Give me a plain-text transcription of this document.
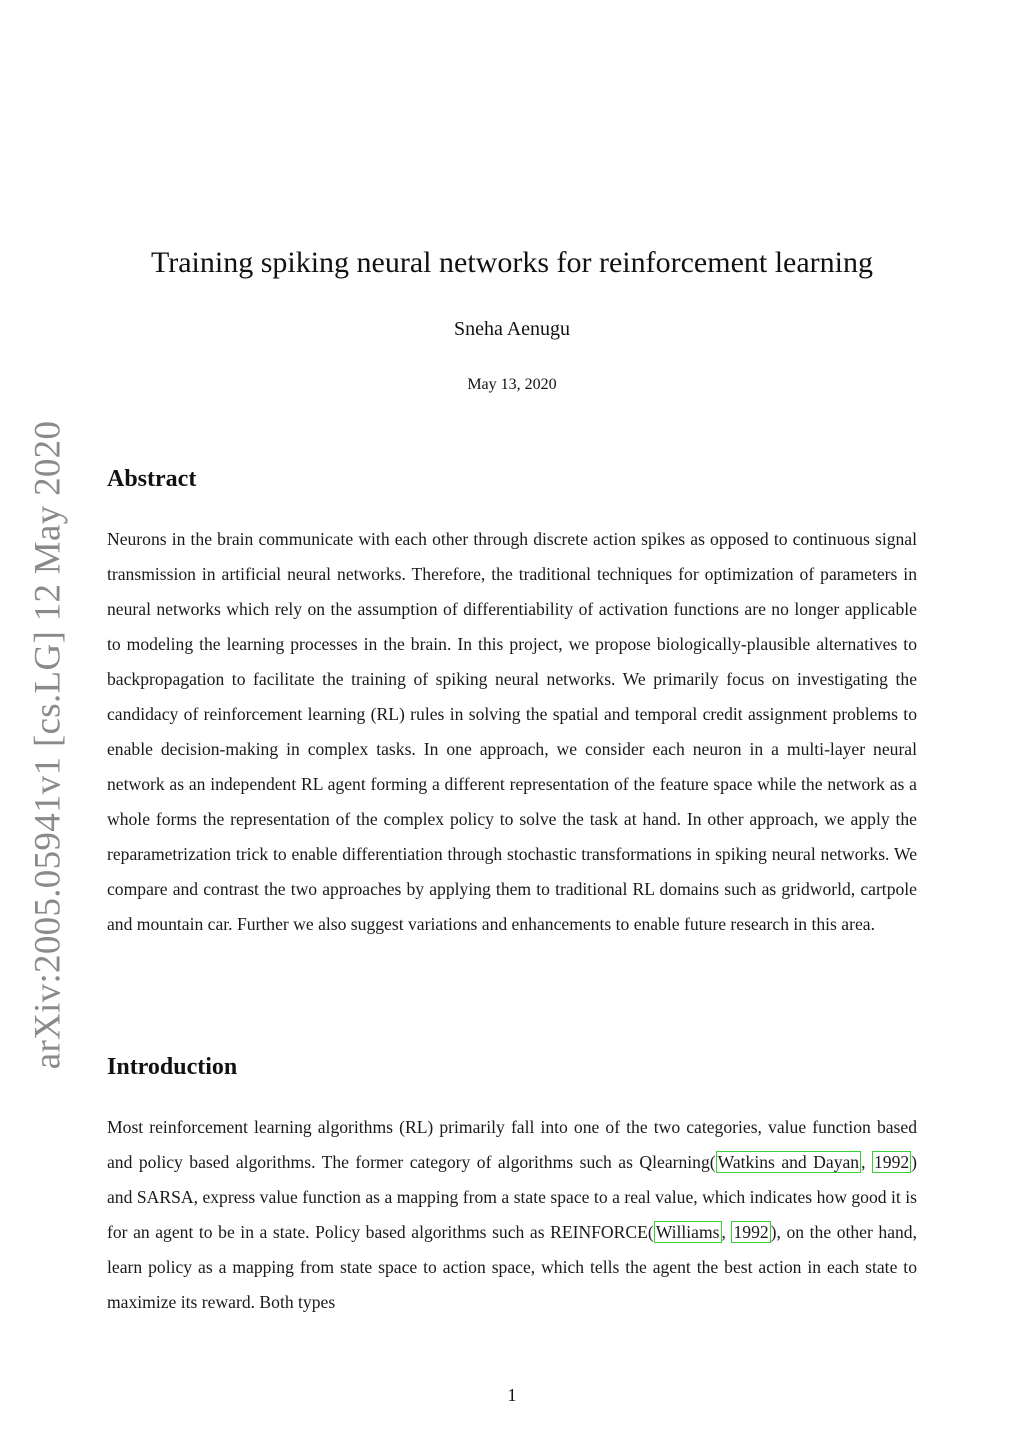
arXiv:2005.05941v1 [cs.LG] 12 May 2020
Training spiking neural networks for reinforcement learning
Sneha Aenugu
May 13, 2020
Abstract

Neurons in the brain communicate with each other through discrete action spikes as opposed to continuous signal transmission in artificial neural networks. Therefore, the traditional techniques for optimization of parameters in neural networks which rely on the assumption of differentiability of activation functions are no longer applicable to modeling the learning processes in the brain. In this project, we propose biologically-plausible alternatives to backpropagation to facilitate the training of spiking neural networks. We primarily focus on investigating the candidacy of reinforcement learning (RL) rules in solving the spatial and temporal credit assignment problems to enable decision-making in complex tasks. In one approach, we consider each neuron in a multi-layer neural network as an independent RL agent forming a different representation of the feature space while the network as a whole forms the representation of the complex policy to solve the task at hand. In other approach, we apply the reparametrization trick to enable differentiation through stochastic transformations in spiking neural networks. We compare and contrast the two approaches by applying them to traditional RL domains such as gridworld, cartpole and mountain car. Further we also suggest variations and enhancements to enable future research in this area.

Introduction

Most reinforcement learning algorithms (RL) primarily fall into one of the two categories, value function based and policy based algorithms. The former category of algorithms such as Qlearning( Watkins and Dayan , 1992 ) and SARSA, express value function as a mapping from a state space to a real value, which indicates how good it is for an agent to be in a state. Policy based algorithms such as REINFORCE( Williams , 1992 ), on the other hand, learn policy as a mapping from state space to action space, which tells the agent the best action in each state to maximize its reward. Both types

1
